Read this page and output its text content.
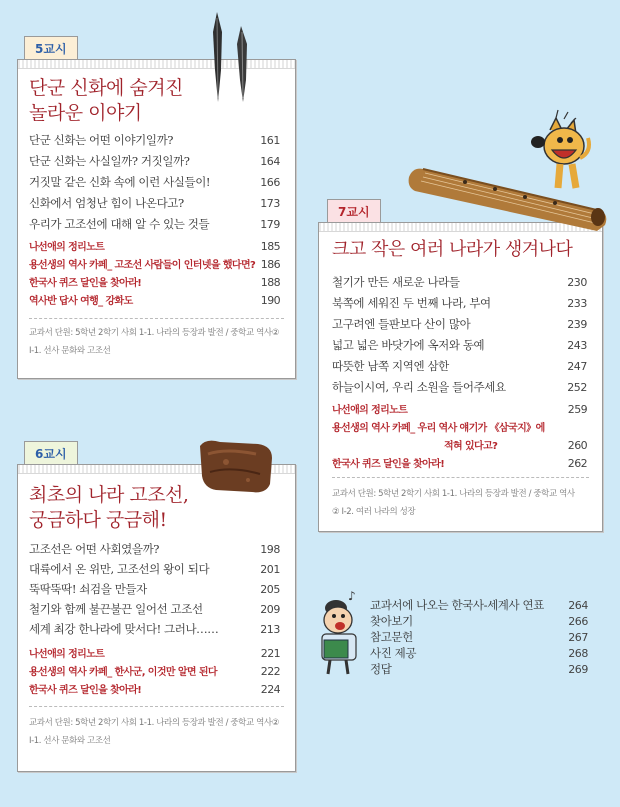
5교시
단군 신화에 숨겨진
놀라운 이야기
단군 신화는 어떤 이야기일까?	161
단군 신화는 사실일까? 거짓일까?	164
거짓말 같은 신화 속에 이런 사실들이!	166
신화에서 엄청난 힘이 나온다고?	173
우리가 고조선에 대해 알 수 있는 것들	179
나선애의 정리노트	185
용선생의 역사 카페_ 고조선 사람들이 인터넷을 했다면? 186
한국사 퀴즈 달인을 찾아라!	188
역사반 답사 여행_ 강화도	190
교과서 단원: 5학년 2학기 사회 1-1. 나라의 등장과 발전 / 중학교 역사②
Ⅰ-1. 선사 문화와 고조선
7교시
크고 작은 여러 나라가 생겨나다
철기가 만든 새로운 나라들	230
북쪽에 세워진 두 번째 나라, 부여	233
고구려엔 들판보다 산이 많아	239
넓고 넓은 바닷가에 옥저와 동예	243
따뜻한 남쪽 지역엔 삼한	247
하늘이시여, 우리 소원을 들어주세요	252
나선애의 정리노트	259
용선생의 역사 카페_ 우리 역사 얘기가 《삼국지》에
적혀 있다고?	260
한국사 퀴즈 달인을 찾아라!	262
교과서 단원: 5학년 2학기 사회 1-1. 나라의 등장과 발전 / 중학교 역사
② Ⅰ-2. 여러 나라의 성장
6교시
최초의 나라 고조선,
궁금하다 궁금해!
고조선은 어떤 사회였을까?	198
대륙에서 온 위만, 고조선의 왕이 되다	201
뚝딱뚝딱! 쇠검을 만들자	205
철기와 함께 불끈불끈 일어선 고조선	209
세계 최강 한나라에 맞서다! 그러나……	213
나선애의 정리노트	221
용선생의 역사 카페_ 한사군, 이것만 알면 된다	222
한국사 퀴즈 달인을 찾아라!	224
교과서 단원: 5학년 2학기 사회 1-1. 나라의 등장과 발전 / 중학교 역사②
Ⅰ-1. 선사 문화와 고조선
♪
교과서에 나오는 한국사-세계사 연표 264
찾아보기	266
참고문헌	267
사진 제공	268
정답	269
